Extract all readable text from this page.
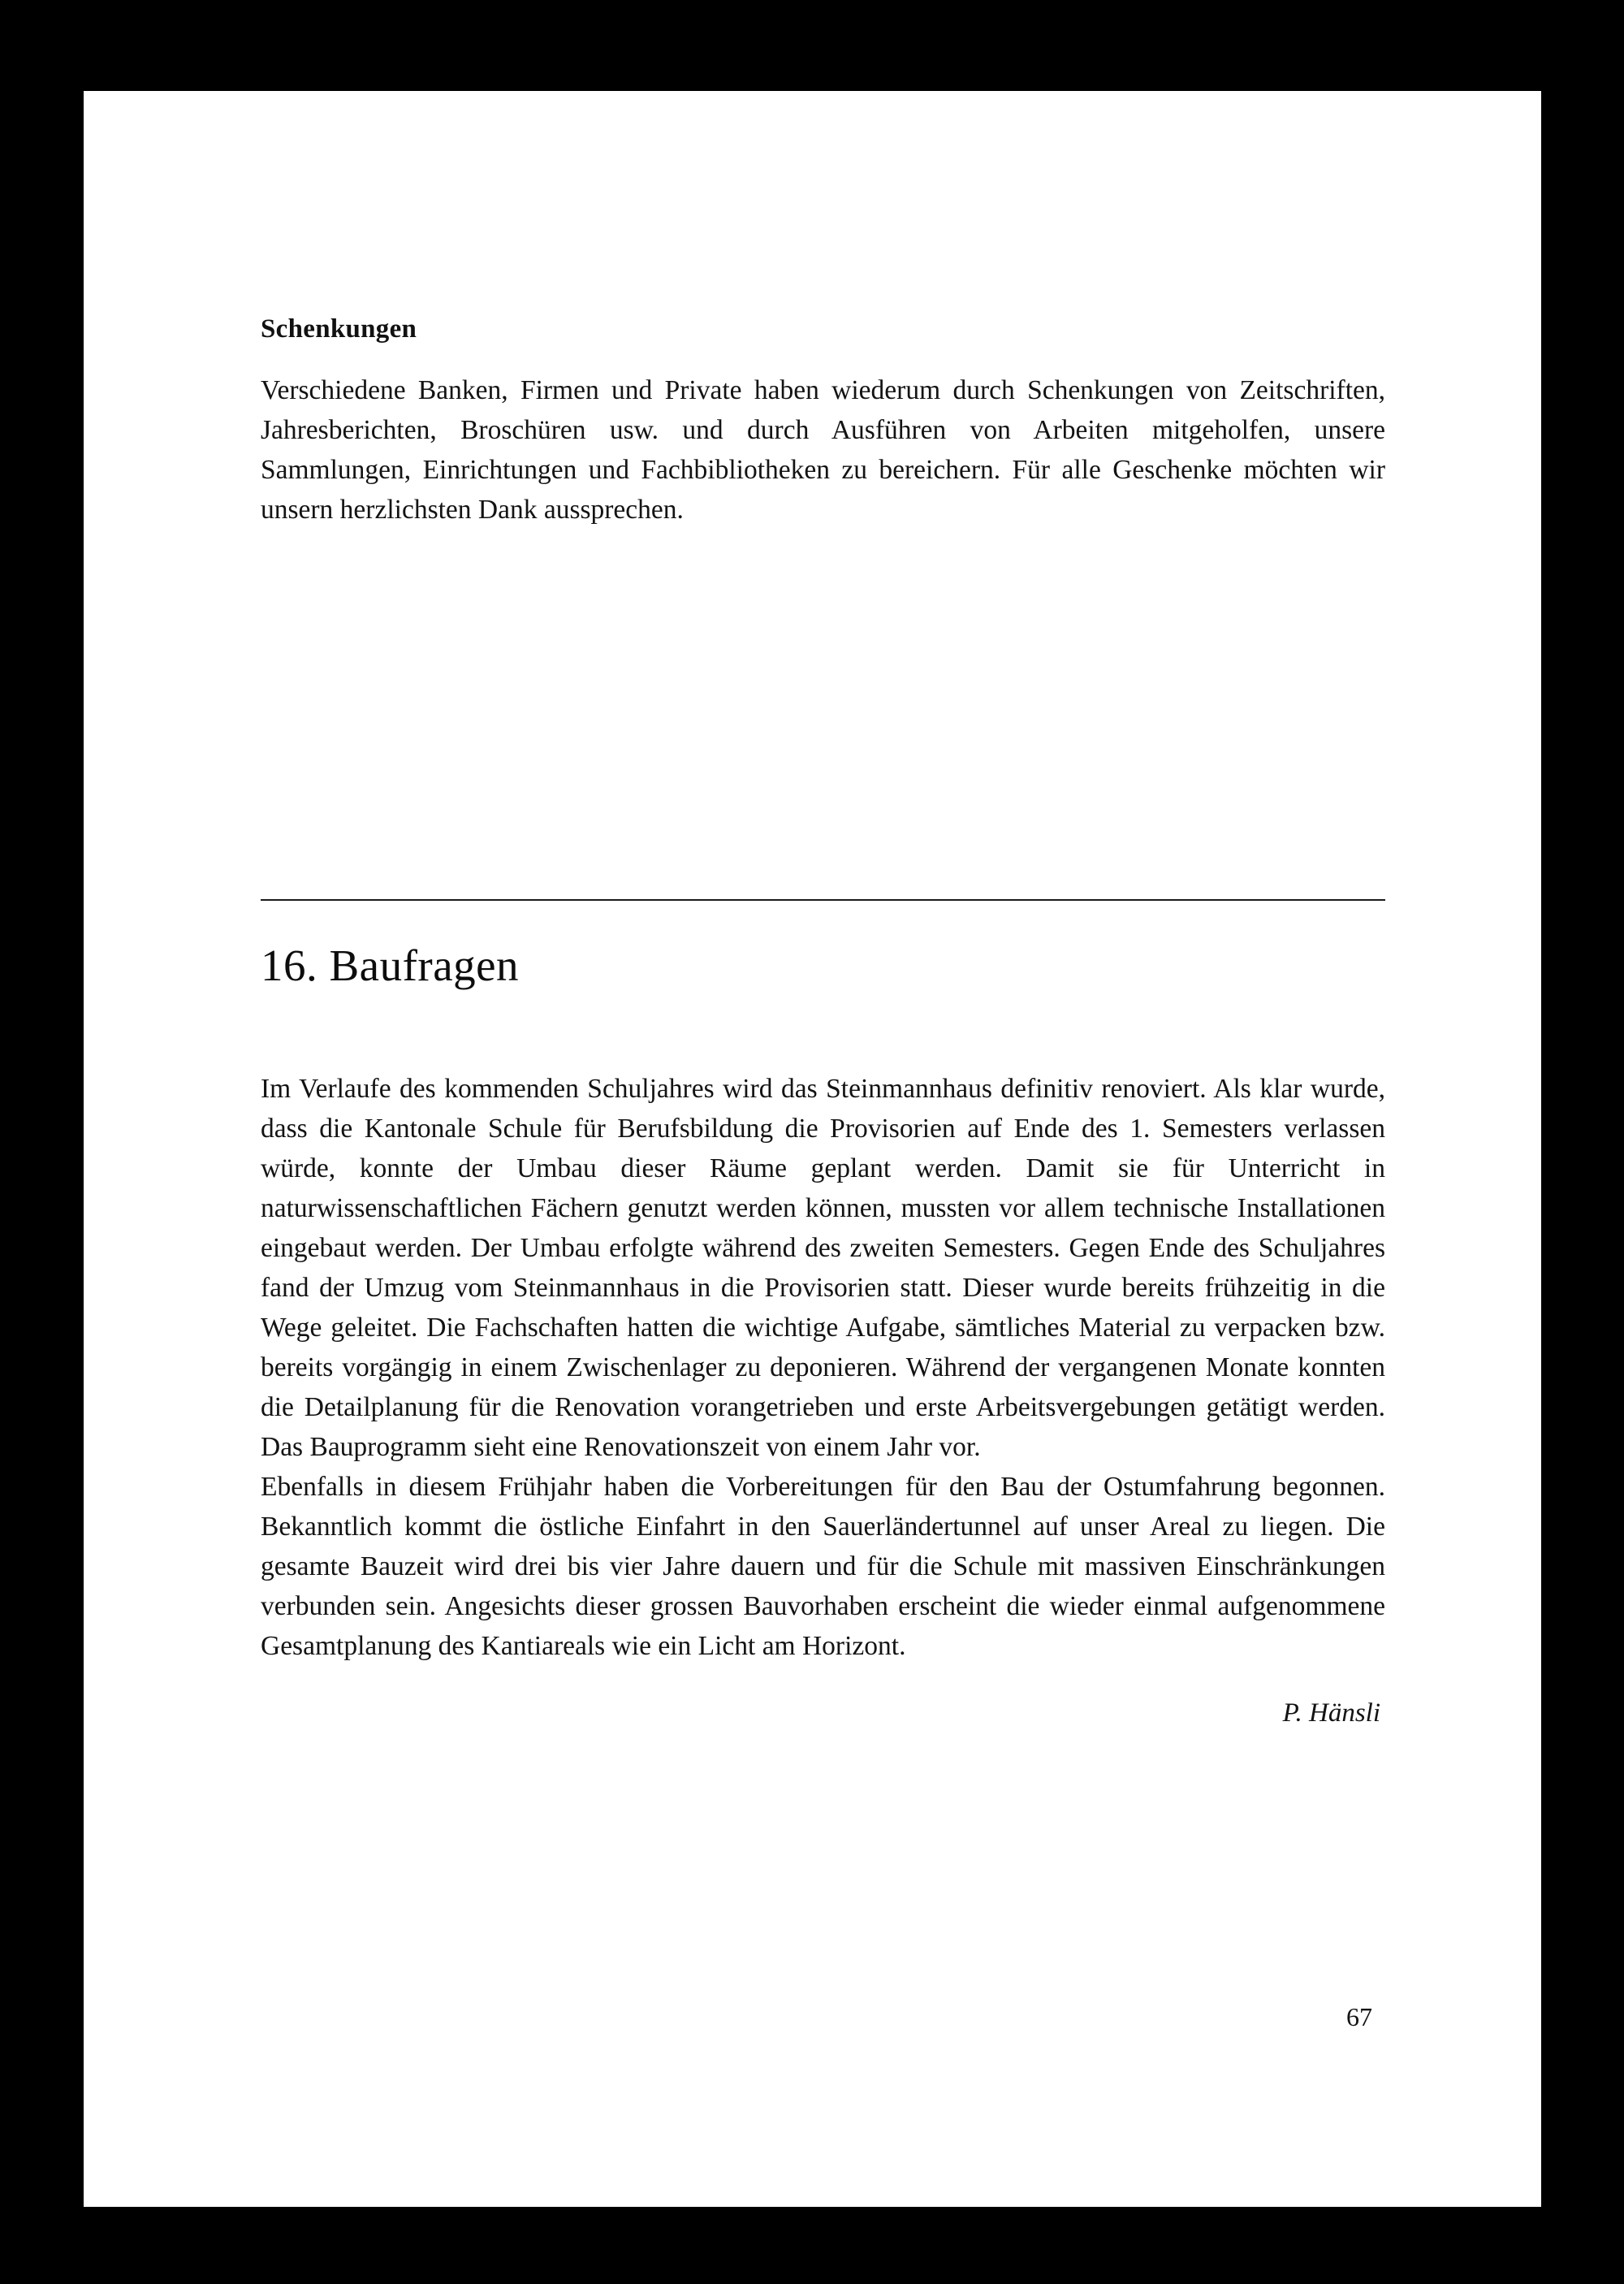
Schenkungen

Verschiedene Banken, Firmen und Private haben wiederum durch Schenkungen von Zeitschriften, Jahresberichten, Broschüren usw. und durch Ausführen von Arbeiten mitgeholfen, unsere Sammlungen, Einrichtungen und Fachbibliotheken zu bereichern. Für alle Geschenke möchten wir unsern herzlichsten Dank aussprechen.

16. Baufragen

Im Verlaufe des kommenden Schuljahres wird das Steinmannhaus definitiv renoviert. Als klar wurde, dass die Kantonale Schule für Berufsbildung die Provisorien auf Ende des 1. Semesters verlassen würde, konnte der Umbau dieser Räume geplant werden. Damit sie für Unterricht in naturwissenschaftlichen Fächern genutzt werden können, mussten vor allem technische Installationen eingebaut werden. Der Umbau erfolgte während des zweiten Semesters. Gegen Ende des Schuljahres fand der Umzug vom Steinmannhaus in die Provisorien statt. Dieser wurde bereits frühzeitig in die Wege geleitet. Die Fachschaften hatten die wichtige Aufgabe, sämtliches Material zu verpacken bzw. bereits vorgängig in einem Zwischenlager zu deponieren. Während der vergangenen Monate konnten die Detailplanung für die Renovation vorangetrieben und erste Arbeitsvergebungen getätigt werden. Das Bauprogramm sieht eine Renovationszeit von einem Jahr vor.

Ebenfalls in diesem Frühjahr haben die Vorbereitungen für den Bau der Ostumfahrung begonnen. Bekanntlich kommt die östliche Einfahrt in den Sauerländertunnel auf unser Areal zu liegen. Die gesamte Bauzeit wird drei bis vier Jahre dauern und für die Schule mit massiven Einschränkungen verbunden sein. Angesichts dieser grossen Bauvorhaben erscheint die wieder einmal aufgenommene Gesamtplanung des Kantiareals wie ein Licht am Horizont.

P. Hänsli
67
